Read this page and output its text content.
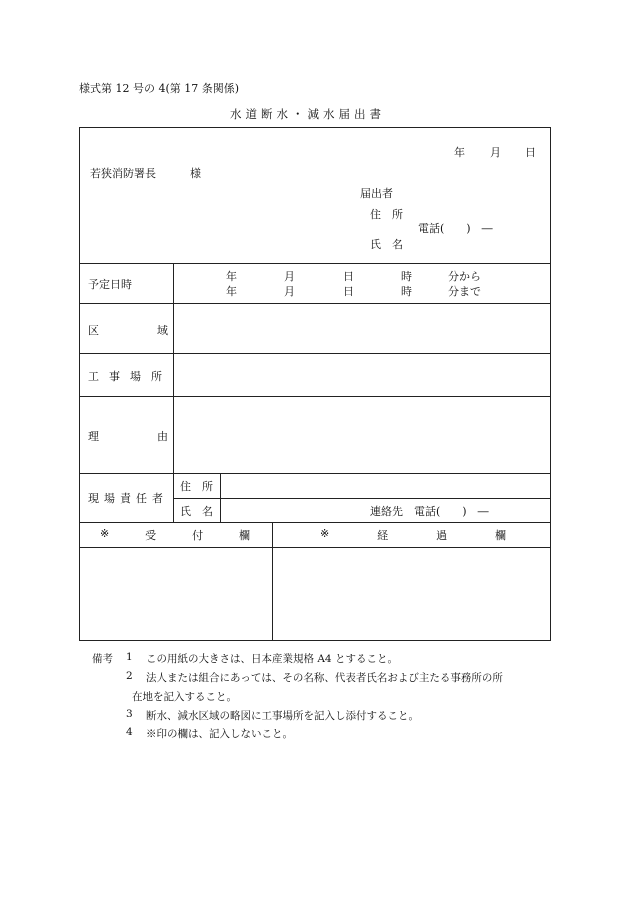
様式第 12 号の 4(第 17 条関係)
水道断水・減水届出書
年 月 日
若狭消防署長	様
届出者
住　所
電話(　　)　―
氏　名
予定日時
年	月	日	時	分から
年	月	日	時	分まで
区域
工事場所
理由
現場責任者
住　所
氏　名	連絡先　電話(　　)　―
※	受	付	欄	※	経	過	欄
備考 1 この用紙の大きさは、日本産業規格 A4 とすること。
2 法人または組合にあっては、その名称、代表者氏名および主たる事務所の所
在地を記入すること。
3 断水、減水区域の略図に工事場所を記入し添付すること。
4 ※印の欄は、記入しないこと。
